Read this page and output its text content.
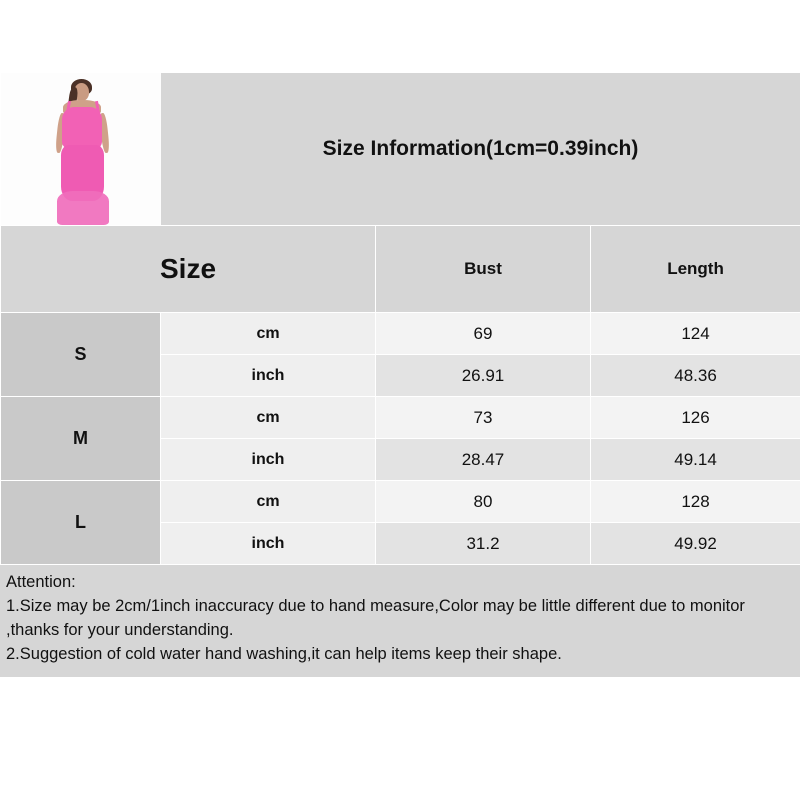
	Size Information(1cm=0.39inch)		
Size		Bust	Length
S	cm	69	124
	inch	26.91	48.36
M	cm	73	126
	inch	28.47	49.14
L	cm	80	128
	inch	31.2	49.92

Attention:

1.Size may be 2cm/1inch inaccuracy due to hand measure,Color may be little different due to monitor ,thanks for your understanding.

2.Suggestion of cold water hand washing,it can help items keep their shape.
